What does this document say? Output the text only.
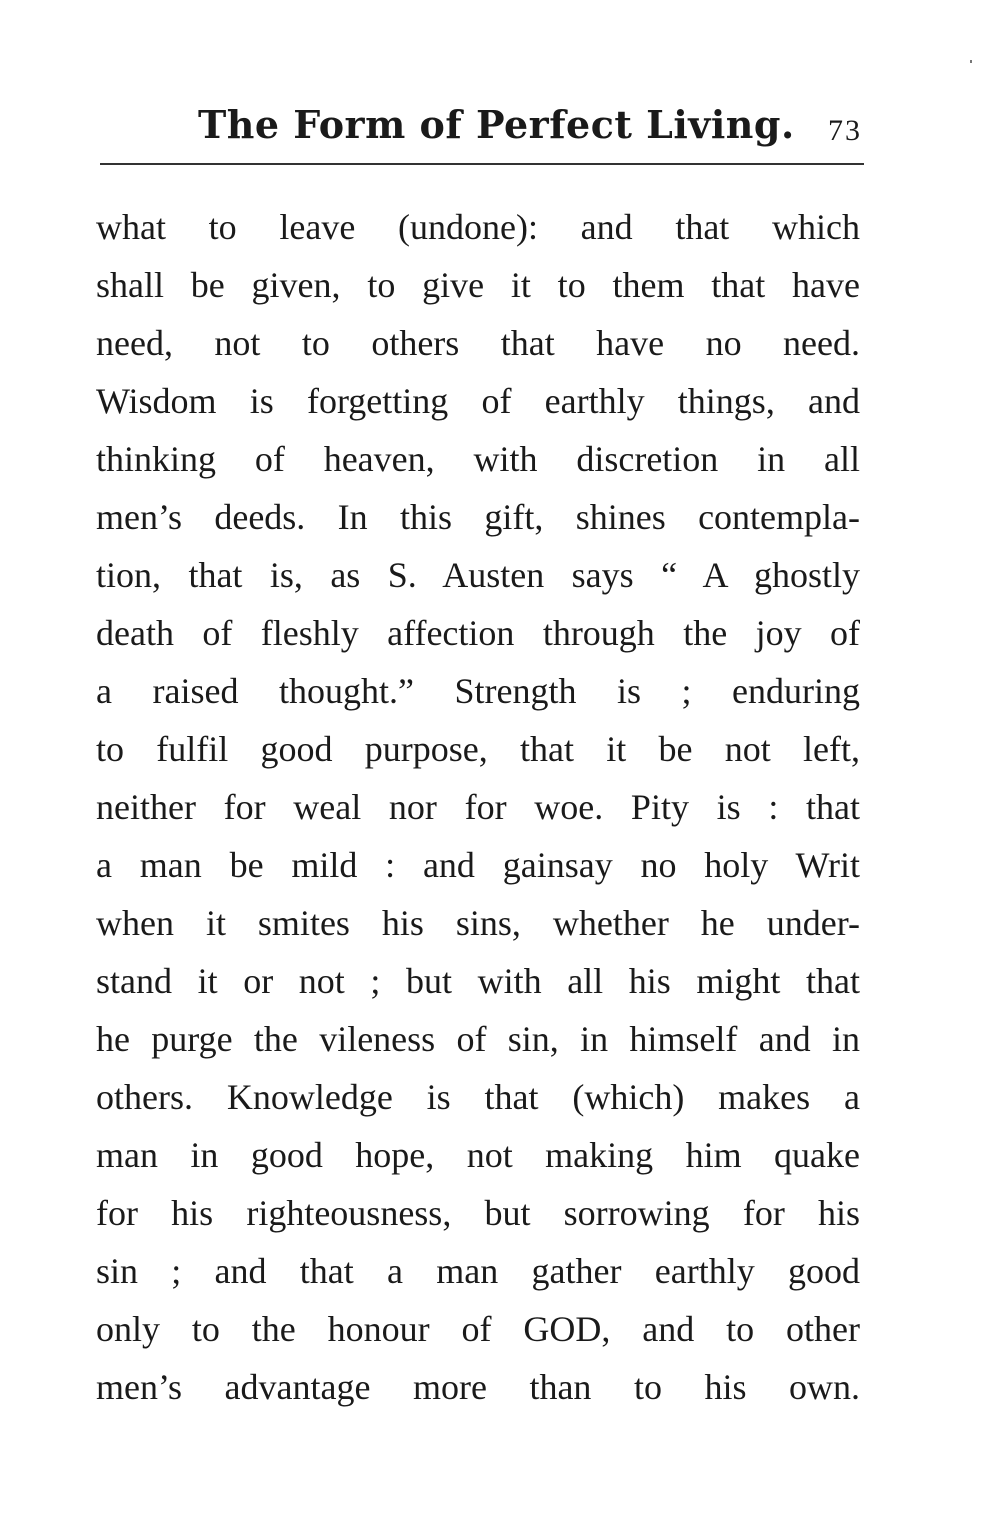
The Form of Perfect Living. 73
what to leave (undone): and that which
shall be given, to give it to them that have
need, not to others that have no need.
Wisdom is forgetting of earthly things, and
thinking of heaven, with discretion in all
men’s deeds. In this gift, shines contempla-
tion, that is, as S. Austen says “ A ghostly
death of fleshly affection through the joy of
a raised thought.” Strength is ; enduring
to fulfil good purpose, that it be not left,
neither for weal nor for woe. Pity is : that
a man be mild : and gainsay no holy Writ
when it smites his sins, whether he under-
stand it or not ; but with all his might that
he purge the vileness of sin, in himself and in
others. Knowledge is that (which) makes a
man in good hope, not making him quake
for his righteousness, but sorrowing for his
sin ; and that a man gather earthly good
only to the honour of GOD, and to other
men’s advantage more than to his own.
